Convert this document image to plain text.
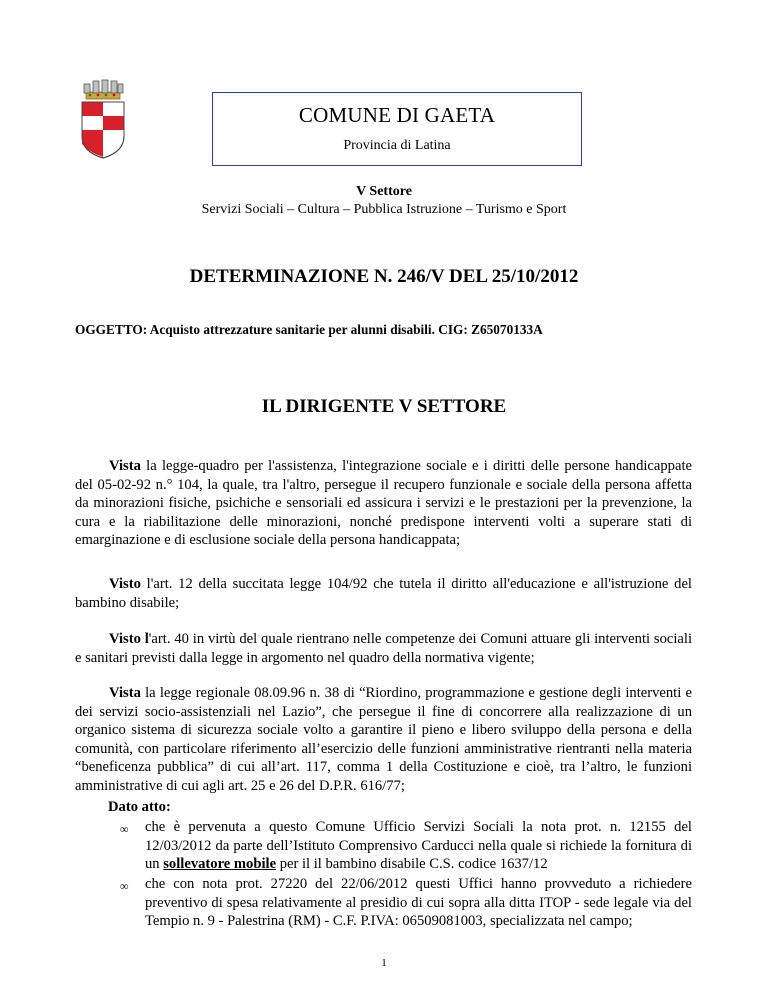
COMUNE DI GAETA
Provincia di Latina
V Settore
Servizi Sociali – Cultura – Pubblica Istruzione – Turismo e Sport
DETERMINAZIONE N. 246/V DEL 25/10/2012
OGGETTO: Acquisto attrezzature sanitarie per alunni disabili. CIG: Z65070133A
IL DIRIGENTE V SETTORE
Vista la legge-quadro per l'assistenza, l'integrazione sociale e i diritti delle persone handicappate del 05-02-92 n.° 104, la quale, tra l'altro, persegue il recupero funzionale e sociale della persona affetta da minorazioni fisiche, psichiche e sensoriali ed assicura i servizi e le prestazioni per la prevenzione, la cura e la riabilitazione delle minorazioni, nonché predispone interventi volti a superare stati di emarginazione e di esclusione sociale della persona handicappata;
Visto l'art. 12 della succitata legge 104/92 che tutela il diritto all'educazione e all'istruzione del bambino disabile;
Visto l'art. 40 in virtù del quale rientrano nelle competenze dei Comuni attuare gli interventi sociali e sanitari previsti dalla legge in argomento nel quadro della normativa vigente;
Vista la legge regionale 08.09.96 n. 38 di “Riordino, programmazione e gestione degli interventi e dei servizi socio-assistenziali nel Lazio”, che persegue il fine di concorrere alla realizzazione di un organico sistema di sicurezza sociale volto a garantire il pieno e libero sviluppo della persona e della comunità, con particolare riferimento all’esercizio delle funzioni amministrative rientranti nella materia “beneficenza pubblica” di cui all’art. 117, comma 1 della Costituzione e cioè, tra l’altro, le funzioni amministrative di cui agli art. 25 e 26 del D.P.R. 616/77;
Dato atto:
∞ che è pervenuta a questo Comune Ufficio Servizi Sociali la nota prot. n. 12155 del 12/03/2012 da parte dell’Istituto Comprensivo Carducci nella quale si richiede la fornitura di un sollevatore mobile per il il bambino disabile C.S. codice 1637/12
∞ che con nota prot. 27220 del 22/06/2012 questi Uffici hanno provveduto a richiedere preventivo di spesa relativamente al presidio di cui sopra alla ditta ITOP - sede legale via del Tempio n. 9 - Palestrina (RM) - C.F. P.IVA: 06509081003, specializzata nel campo;
1
